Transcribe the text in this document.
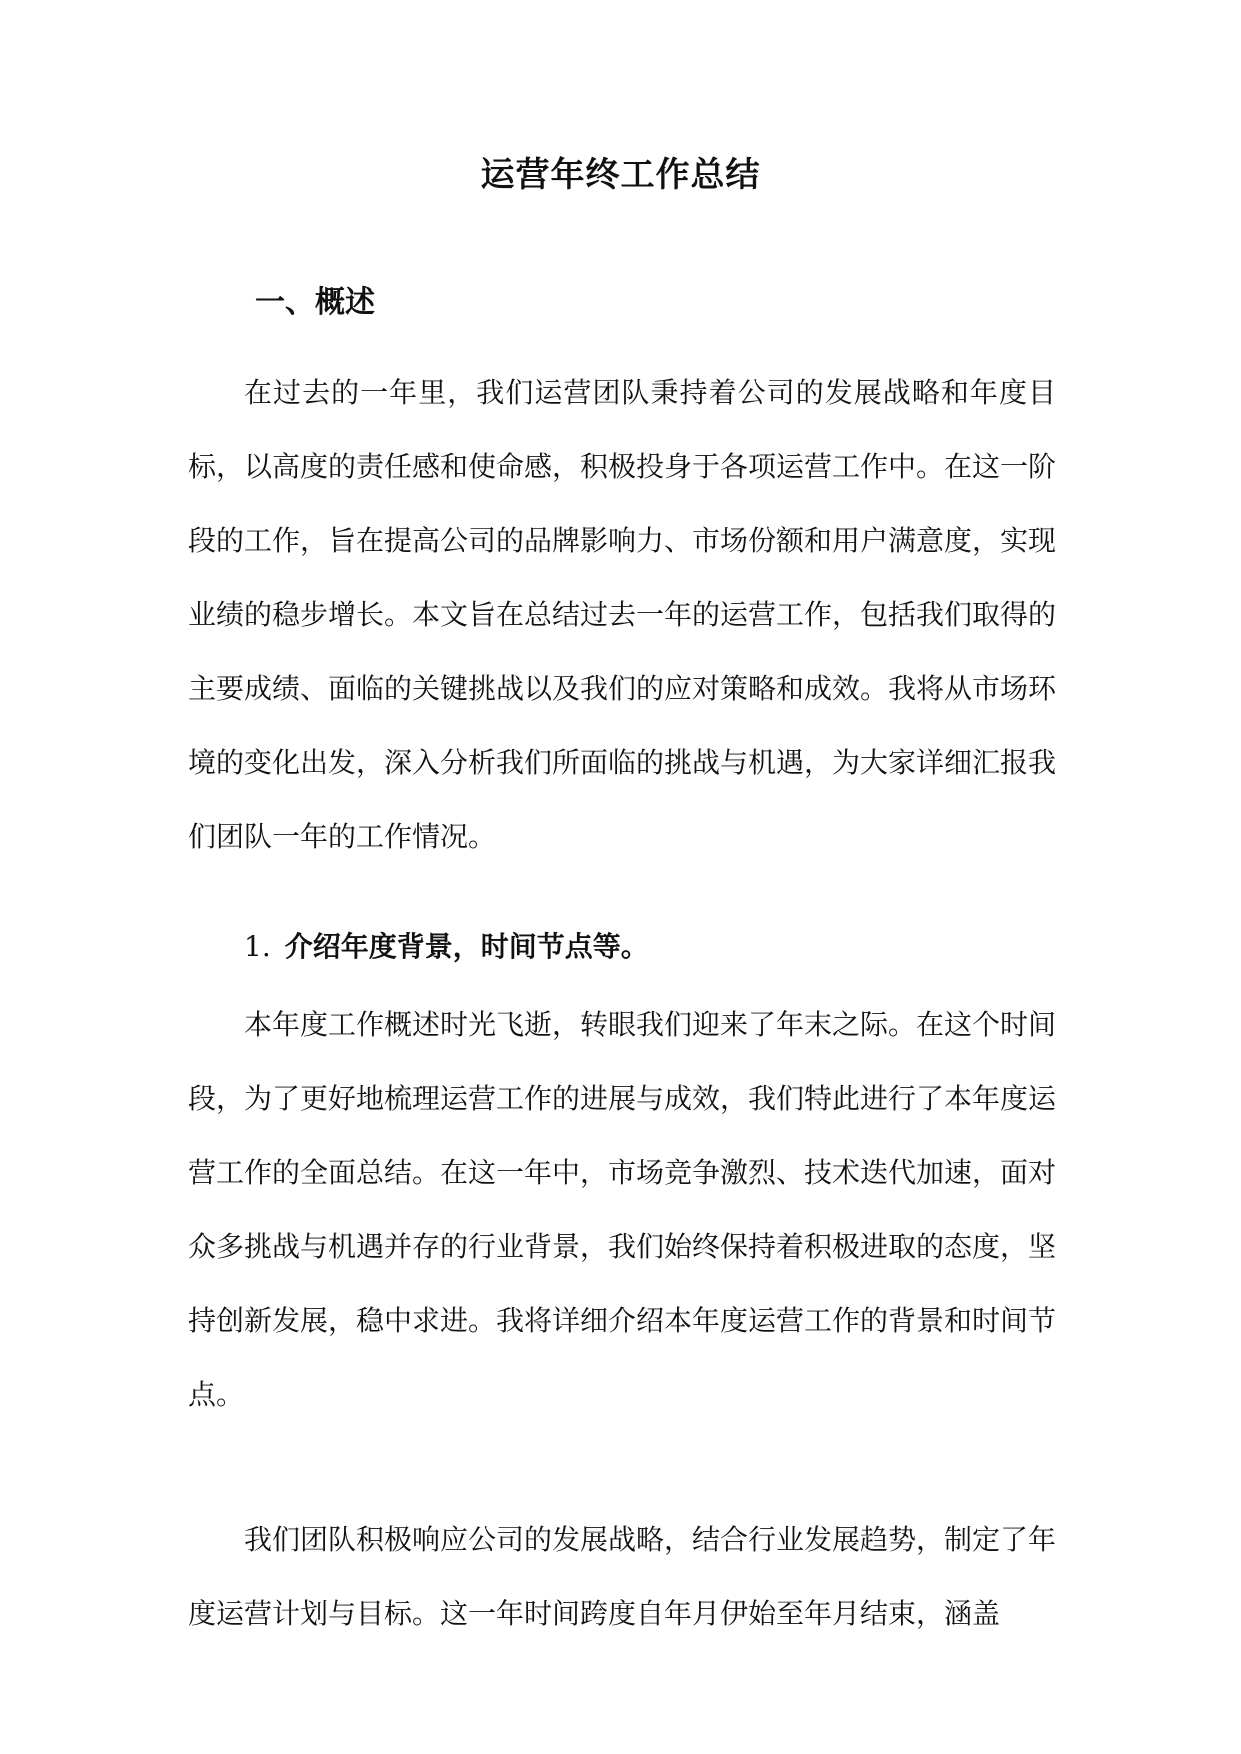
运营年终工作总结
一、概述

在过去的一年里，我们运营团队秉持着公司的发展战略和年度目标，以高度的责任感和使命感，积极投身于各项运营工作中。在这一阶段的工作，旨在提高公司的品牌影响力、市场份额和用户满意度，实现业绩的稳步增长。本文旨在总结过去一年的运营工作，包括我们取得的主要成绩、面临的关键挑战以及我们的应对策略和成效。我将从市场环境的变化出发，深入分析我们所面临的挑战与机遇，为大家详细汇报我们团队一年的工作情况。

1. 介绍年度背景，时间节点等。

本年度工作概述时光飞逝，转眼我们迎来了年末之际。在这个时间段，为了更好地梳理运营工作的进展与成效，我们特此进行了本年度运营工作的全面总结。在这一年中，市场竞争激烈、技术迭代加速，面对众多挑战与机遇并存的行业背景，我们始终保持着积极进取的态度，坚持创新发展，稳中求进。我将详细介绍本年度运营工作的背景和时间节点。

我们团队积极响应公司的发展战略，结合行业发展趋势，制定了年度运营计划与目标。这一年时间跨度自年月伊始至年月结束，涵盖
